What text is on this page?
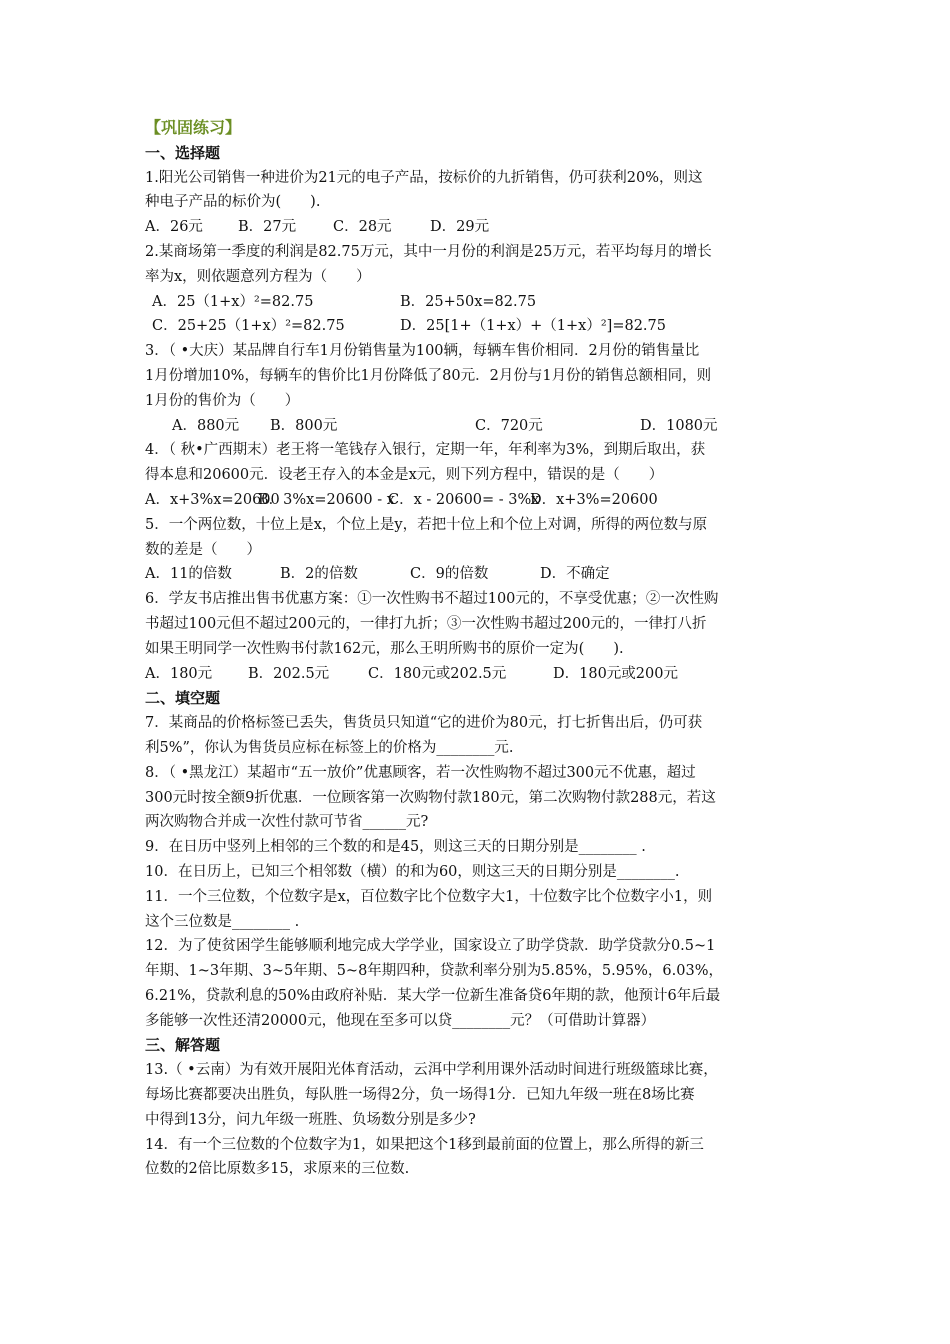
【巩固练习】
一、选择题
1.阳光公司销售一种进价为21元的电子产品，按标价的九折销售，仍可获利20%，则这
种电子产品的标价为(　　).
A．26元 B．27元	C．28元	D．29元
2.某商场第一季度的利润是82.75万元，其中一月份的利润是25万元，若平均每月的增长
率为x，则依题意列方程为（　　）
A．25（1+x）²=82.75	B．25+50x=82.75
C．25+25（1+x）²=82.75	D．25[1+（1+x）+（1+x）²]=82.75
3．（ •大庆）某品牌自行车1月份销售量为100辆，每辆车售价相同．2月份的销售量比
1月份增加10%，每辆车的售价比1月份降低了80元．2月份与1月份的销售总额相同，则
1月份的售价为（　　）
A．880元 B．800元	C．720元	D．1080元
4．（ 秋•广西期末）老王将一笔钱存入银行，定期一年，年利率为3%，到期后取出，获
得本息和20600元．设老王存入的本金是x元，则下列方程中，错误的是（　　）
A．x+3%x=20600
B．3%x=20600 - x
C．x - 20600= - 3%x
D．x+3%=20600
5．一个两位数，十位上是x，个位上是y，若把十位上和个位上对调，所得的两位数与原
数的差是（　　）
A．11的倍数	B．2的倍数	C．9的倍数	D．不确定
6．学友书店推出售书优惠方案：①一次性购书不超过100元的，不享受优惠；②一次性购
书超过100元但不超过200元的，一律打九折；③一次性购书超过200元的，一律打八折
如果王明同学一次性购书付款162元，那么王明所购书的原价一定为(　　).
A．180元 B．202.5元	C．180元或202.5元	D．180元或200元
二、填空题
7．某商品的价格标签已丢失，售货员只知道“它的进价为80元，打七折售出后，仍可获
利5%”，你认为售货员应标在标签上的价格为________元.
8．（ •黑龙江）某超市“五一放价”优惠顾客，若一次性购物不超过300元不优惠，超过
300元时按全额9折优惠．一位顾客第一次购物付款180元，第二次购物付款288元，若这
两次购物合并成一次性付款可节省______元?
9．在日历中竖列上相邻的三个数的和是45，则这三天的日期分别是________ .
10．在日历上，已知三个相邻数（横）的和为60，则这三天的日期分别是________.
11．一个三位数，个位数字是x，百位数字比个位数字大1，十位数字比个位数字小1，则
这个三位数是________ .
12．为了使贫困学生能够顺利地完成大学学业，国家设立了助学贷款．助学贷款分0.5~1
年期、1~3年期、3~5年期、5~8年期四种，贷款利率分别为5.85%，5.95%，6.03%，
6.21%，贷款利息的50%由政府补贴．某大学一位新生准备贷6年期的款，他预计6年后最
多能够一次性还清20000元，他现在至多可以贷________元？（可借助计算器）
三、解答题
13.（ •云南）为有效开展阳光体育活动，云洱中学利用课外活动时间进行班级篮球比赛，
每场比赛都要决出胜负，每队胜一场得2分，负一场得1分．已知九年级一班在8场比赛
中得到13分，问九年级一班胜、负场数分别是多少?
14．有一个三位数的个位数字为1，如果把这个1移到最前面的位置上，那么所得的新三
位数的2倍比原数多15，求原来的三位数.
